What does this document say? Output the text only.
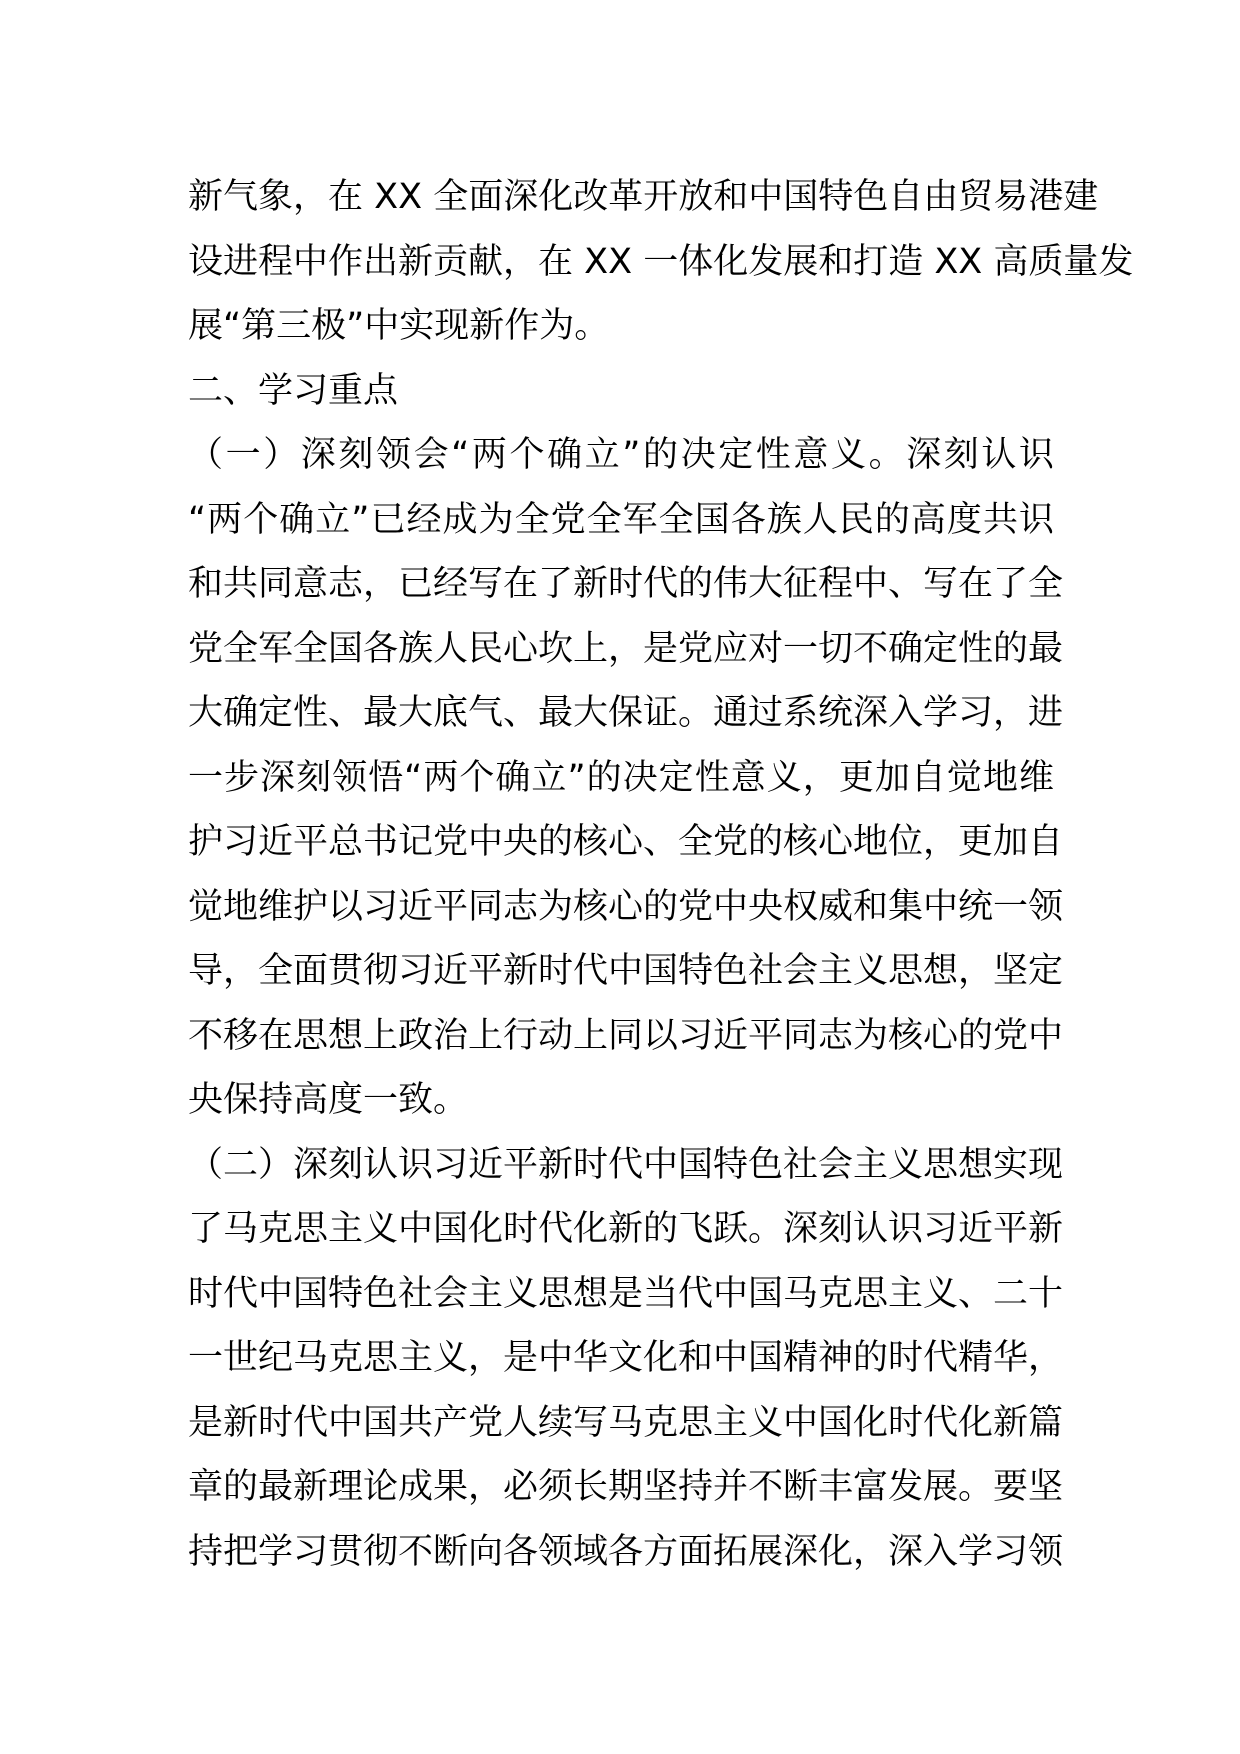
新气象，在 XX 全面深化改革开放和中国特色自由贸易港建
设进程中作出新贡献，在 XX 一体化发展和打造 XX 高质量发
展“第三极”中实现新作为。
二、学习重点
（一）深刻领会“两个确立”的决定性意义。深刻认识
“两个确立”已经成为全党全军全国各族人民的高度共识
和共同意志，已经写在了新时代的伟大征程中、写在了全
党全军全国各族人民心坎上，是党应对一切不确定性的最
大确定性、最大底气、最大保证。通过系统深入学习，进
一步深刻领悟“两个确立”的决定性意义，更加自觉地维
护习近平总书记党中央的核心、全党的核心地位，更加自
觉地维护以习近平同志为核心的党中央权威和集中统一领
导，全面贯彻习近平新时代中国特色社会主义思想，坚定
不移在思想上政治上行动上同以习近平同志为核心的党中
央保持高度一致。
（二）深刻认识习近平新时代中国特色社会主义思想实现
了马克思主义中国化时代化新的飞跃。深刻认识习近平新
时代中国特色社会主义思想是当代中国马克思主义、二十
一世纪马克思主义，是中华文化和中国精神的时代精华，
是新时代中国共产党人续写马克思主义中国化时代化新篇
章的最新理论成果，必须长期坚持并不断丰富发展。要坚
持把学习贯彻不断向各领域各方面拓展深化，深入学习领
